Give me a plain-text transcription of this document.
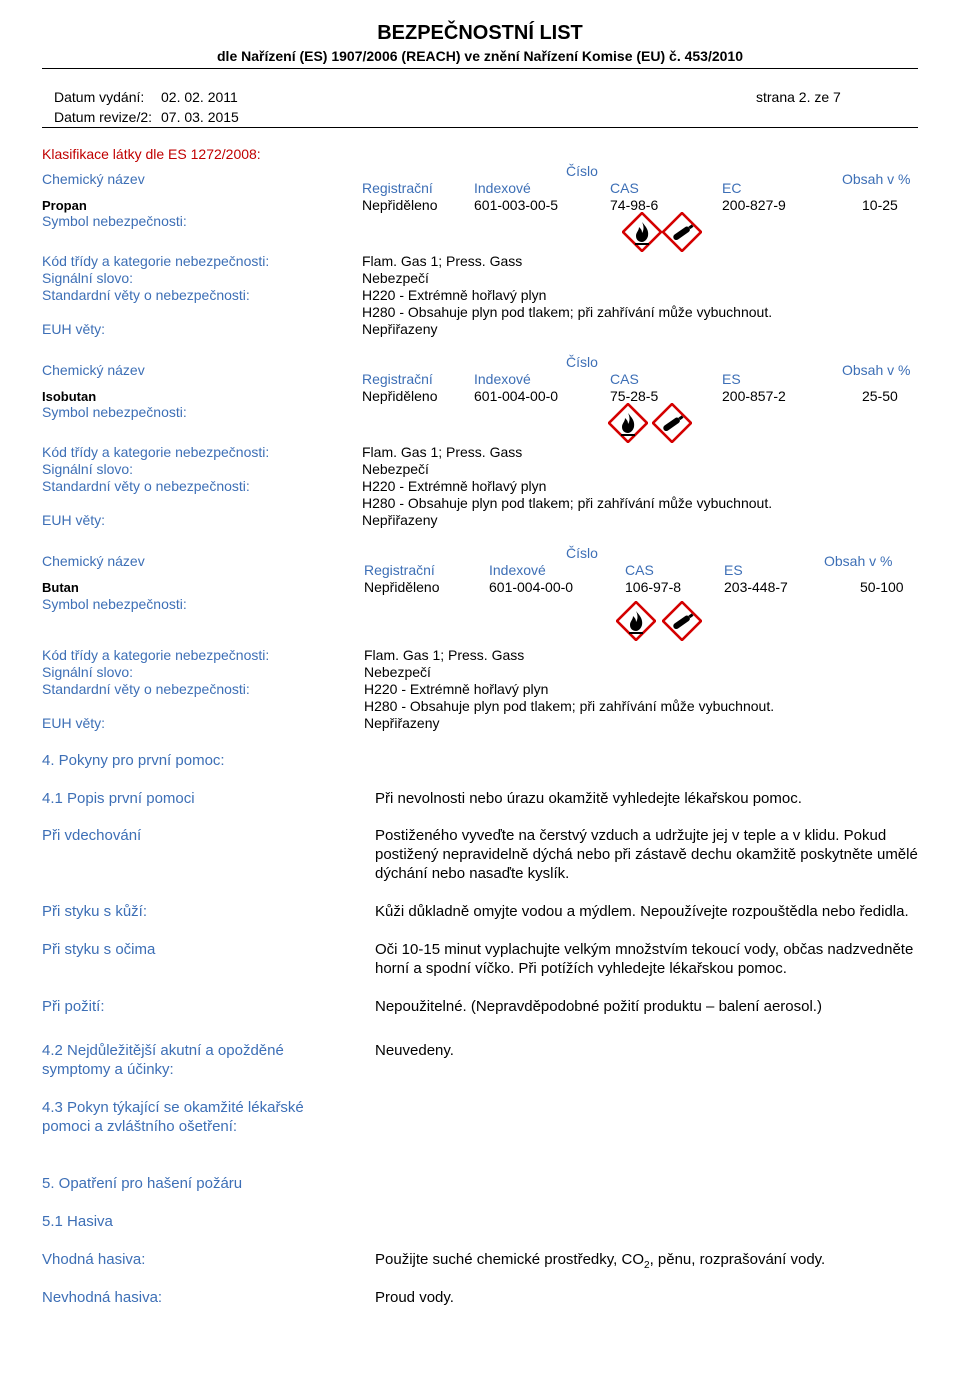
BEZPEČNOSTNÍ LIST
dle Nařízení (ES) 1907/2006 (REACH) ve znění Nařízení Komise (EU) č. 453/2010
Datum vydání: 02. 02. 2011
Datum revize/2: 07. 03. 2015
strana 2. ze 7
Klasifikace látky dle ES 1272/2008:
Chemický název	Číslo	Obsah v %
Registrační	Indexové	CAS	EC
Propan	Nepřiděleno	601-003-00-5	74-98-6	200-827-9	10-25
Symbol nebezpečnosti:
Kód třídy a kategorie nebezpečnosti:	Flam. Gas 1; Press. Gass
Signální slovo:	Nebezpečí
Standardní věty o nebezpečnosti:	H220 - Extrémně hořlavý plyn
H280 - Obsahuje plyn pod tlakem; při zahřívání může vybuchnout.
EUH věty:	Nepřiřazeny
Chemický název	Číslo	Obsah v %
Registrační	Indexové	CAS	ES
Isobutan	Nepřiděleno	601-004-00-0	75-28-5	200-857-2	25-50
Symbol nebezpečnosti:
Kód třídy a kategorie nebezpečnosti:	Flam. Gas 1; Press. Gass
Signální slovo:	Nebezpečí
Standardní věty o nebezpečnosti:	H220 - Extrémně hořlavý plyn
H280 - Obsahuje plyn pod tlakem; při zahřívání může vybuchnout.
EUH věty:	Nepřiřazeny
Chemický název	Číslo	Obsah v %
Registrační	Indexové	CAS	ES
Butan	Nepřiděleno	601-004-00-0	106-97-8	203-448-7	50-100
Symbol nebezpečnosti:
Kód třídy a kategorie nebezpečnosti:	Flam. Gas 1; Press. Gass
Signální slovo:	Nebezpečí
Standardní věty o nebezpečnosti:	H220 - Extrémně hořlavý plyn
H280 - Obsahuje plyn pod tlakem; při zahřívání může vybuchnout.
EUH věty:	Nepřiřazeny
4. Pokyny pro první pomoc:
4.1 Popis první pomoci	Při nevolnosti nebo úrazu okamžitě vyhledejte lékařskou pomoc.
Při vdechování	Postiženého vyveďte na čerstvý vzduch a udržujte jej v teple a v klidu. Pokud
postižený nepravidelně dýchá nebo při zástavě dechu okamžitě poskytněte umělé
dýchání nebo nasaďte kyslík.
Při styku s kůží:	Kůži důkladně omyjte vodou a mýdlem. Nepoužívejte rozpouštědla nebo ředidla.
Při styku s očima	Oči 10-15 minut vyplachujte velkým množstvím tekoucí vody, občas nadzvedněte
horní a spodní víčko. Při potížích vyhledejte lékařskou pomoc.
Při požití:	Nepoužitelné. (Nepravděpodobné požití produktu – balení aerosol.)
4.2 Nejdůležitější akutní a opožděné
symptomy a účinky:
Neuvedeny.
4.3 Pokyn týkající se okamžité lékařské
pomoci a zvláštního ošetření:
5. Opatření pro hašení požáru
5.1 Hasiva
Vhodná hasiva:	Použijte suché chemické prostředky, $CO_2$, pěnu, rozprašování vody.
Nevhodná hasiva:	Proud vody.
